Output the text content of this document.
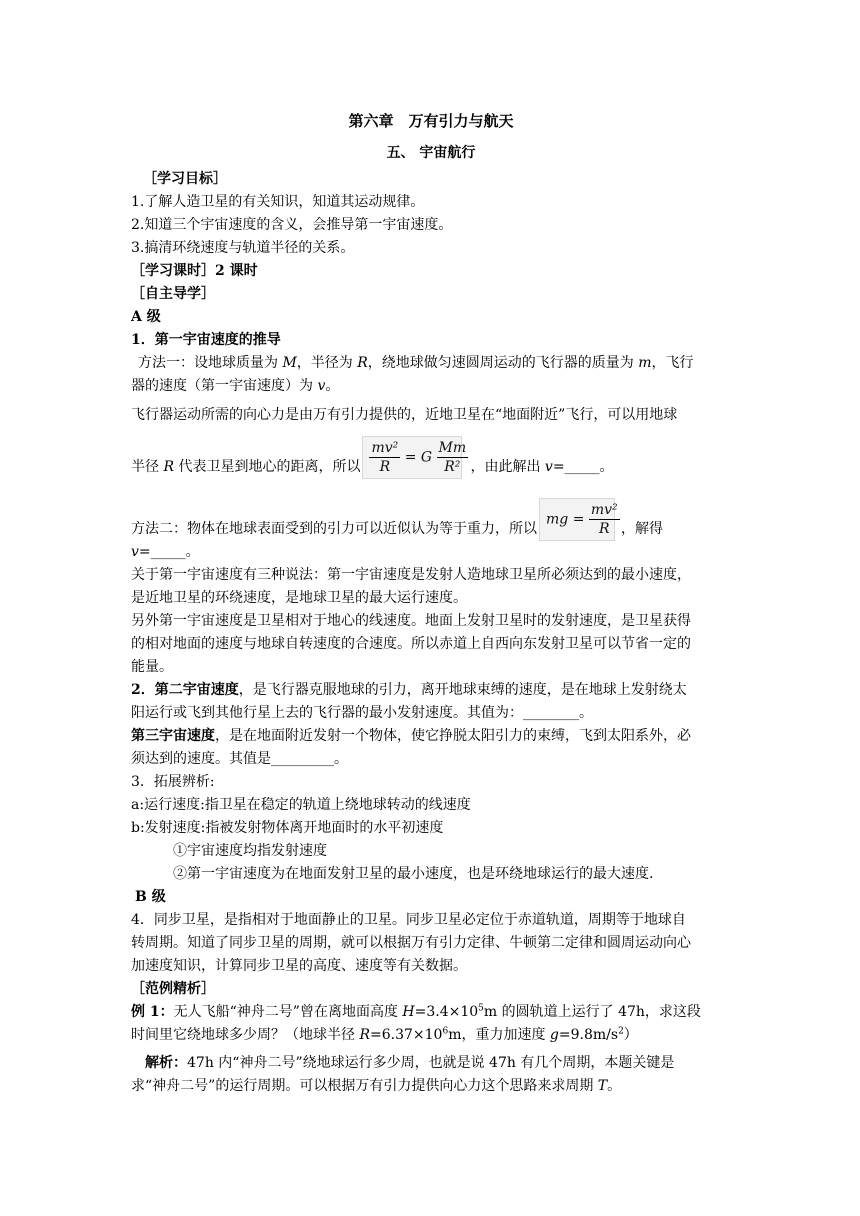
第六章　万有引力与航天
五、 宇宙航行
［学习目标］
1.了解人造卫星的有关知识，知道其运动规律。
2.知道三个宇宙速度的含义，会推导第一宇宙速度。
3.搞清环绕速度与轨道半径的关系。
［学习课时］2 课时
［自主导学］
A 级
1．第一宇宙速度的推导
方法一：设地球质量为 M，半径为 R，绕地球做匀速圆周运动的飞行器的质量为 m，飞行
器的速度（第一宇宙速度）为 v。
飞行器运动所需的向心力是由万有引力提供的，近地卫星在“地面附近”飞行，可以用地球
半径 R 代表卫星到地心的距离，所以 $\frac{\text{mv²}}{R} = G \frac{Mm}{\text{R²}}$ ，由此解出 v=_____。
方法二：物体在地球表面受到的引力可以近似认为等于重力，所以mg = $\frac{\text{mv²}}{R}$ ，解得
v=_____。
关于第一宇宙速度有三种说法：第一宇宙速度是发射人造地球卫星所必须达到的最小速度，
是近地卫星的环绕速度，是地球卫星的最大运行速度。
另外第一宇宙速度是卫星相对于地心的线速度。地面上发射卫星时的发射速度，是卫星获得
的相对地面的速度与地球自转速度的合速度。所以赤道上自西向东发射卫星可以节省一定的
能量。
2．第二宇宙速度，是飞行器克服地球的引力，离开地球束缚的速度，是在地球上发射绕太
阳运行或飞到其他行星上去的飞行器的最小发射速度。其值为：________。
第三宇宙速度，是在地面附近发射一个物体，使它挣脱太阳引力的束缚，飞到太阳系外，必
须达到的速度。其值是_________。
3．拓展辨析:
a:运行速度:指卫星在稳定的轨道上绕地球转动的线速度
b:发射速度:指被发射物体离开地面时的水平初速度
①宇宙速度均指发射速度
②第一宇宙速度为在地面发射卫星的最小速度，也是环绕地球运行的最大速度.
B 级
4．同步卫星，是指相对于地面静止的卫星。同步卫星必定位于赤道轨道，周期等于地球自
转周期。知道了同步卫星的周期，就可以根据万有引力定律、牛顿第二定律和圆周运动向心
加速度知识，计算同步卫星的高度、速度等有关数据。
［范例精析］
例 1：无人飞船“神舟二号”曾在离地面高度 $H=3.4\times 10^5m$ 的圆轨道上运行了 47h，求这段
时间里它绕地球多少周？（地球半径 $R=6.37\times 10^6m$，重力加速度 $g=9.8m/s^2$）
解析：47h 内“神舟二号”绕地球运行多少周，也就是说 47h 有几个周期，本题关键是
求“神舟二号”的运行周期。可以根据万有引力提供向心力这个思路来求周期 T。
